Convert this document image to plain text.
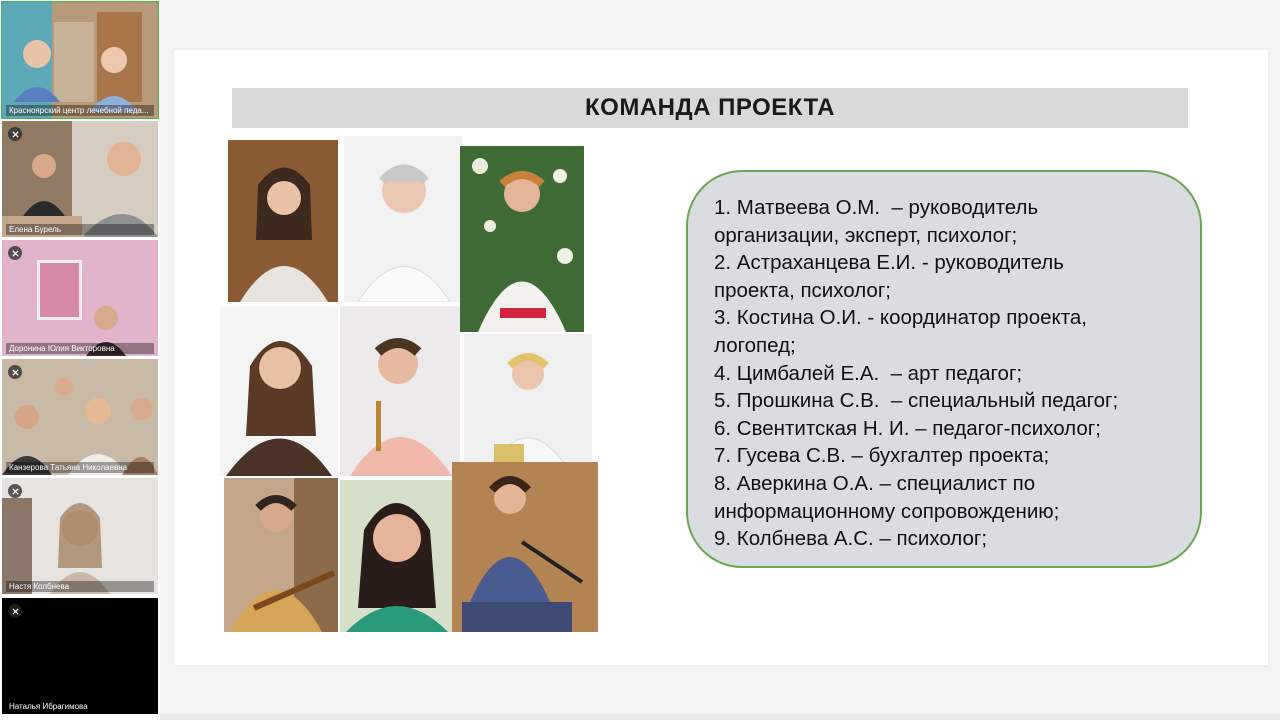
Красноярский центр лечебной педа...
Елена Бурель
Доронина Юлия Викторовна
Канзерова Татьяна Николаевна
Настя Колбнева
Наталья Ибрагимова
КОМАНДА ПРОЕКТА
1. Матвеева О.М.  – руководитель
организации, эксперт, психолог;
2. Астраханцева Е.И. - руководитель
проекта, психолог;
3. Костина О.И. - координатор проекта,
логопед;
4. Цимбалей Е.А.  – арт педагог;
5. Прошкина С.В.  – специальный педагог;
6. Свентитская Н. И. – педагог-психолог;
7. Гусева С.В. – бухгалтер проекта;
8. Аверкина О.А. – специалист по
информационному сопровождению;
9. Колбнева А.С. – психолог;
